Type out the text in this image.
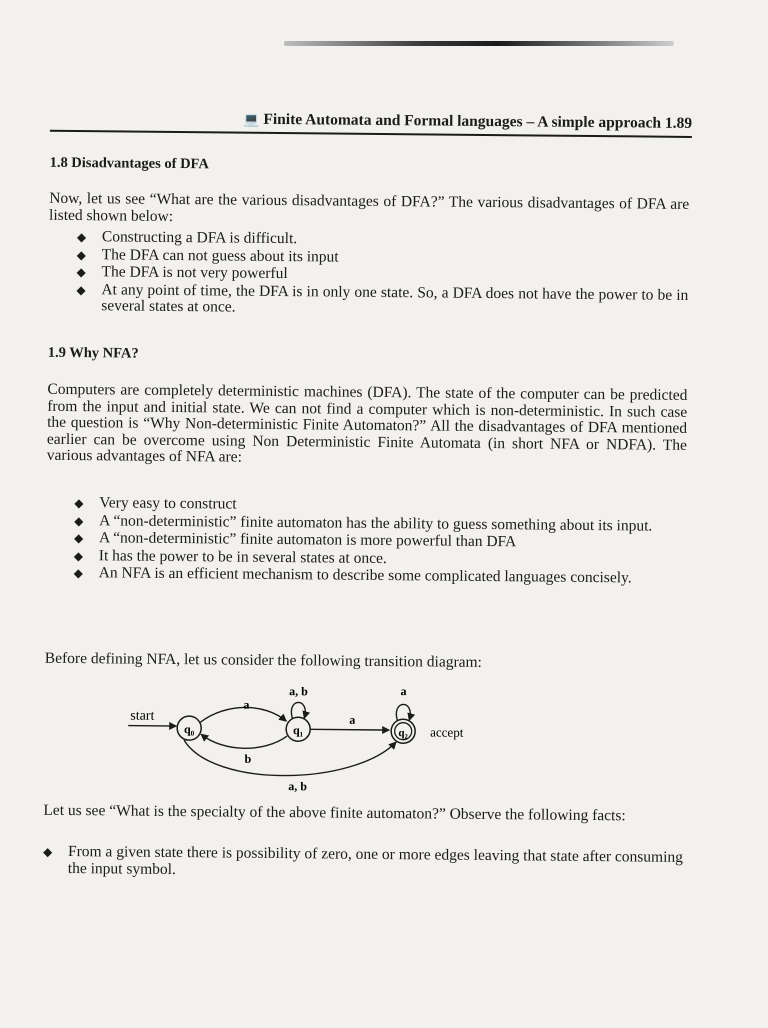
💻 Finite Automata and Formal languages – A simple approach 1.89
1.8 Disadvantages of DFA
Now, let us see “What are the various disadvantages of DFA?” The various disadvantages of DFA are listed shown below:
◆ Constructing a DFA is difficult.
◆ The DFA can not guess about its input
◆ The DFA is not very powerful
◆ At any point of time, the DFA is in only one state. So, a DFA does not have the power to be in several states at once.
1.9 Why NFA?
Computers are completely deterministic machines (DFA). The state of the computer can be predicted from the input and initial state. We can not find a computer which is non-deterministic. In such case the question is “Why Non-deterministic Finite Automaton?” All the disadvantages of DFA mentioned earlier can be overcome using Non Deterministic Finite Automata (in short NFA or NDFA). The various advantages of NFA are:
◆ Very easy to construct
◆ A “non-deterministic” finite automaton has the ability to guess something about its input.
◆ A “non-deterministic” finite automaton is more powerful than DFA
◆ It has the power to be in several states at once.
◆ An NFA is an efficient mechanism to describe some complicated languages concisely.
Before defining NFA, let us consider the following transition diagram:
start
q₀	q₁	q₂ accept
a, b
a
b
a
a
a, b
Let us see “What is the specialty of the above finite automaton?” Observe the following facts:
◆ From a given state there is possibility of zero, one or more edges leaving that state after consuming the input symbol.
